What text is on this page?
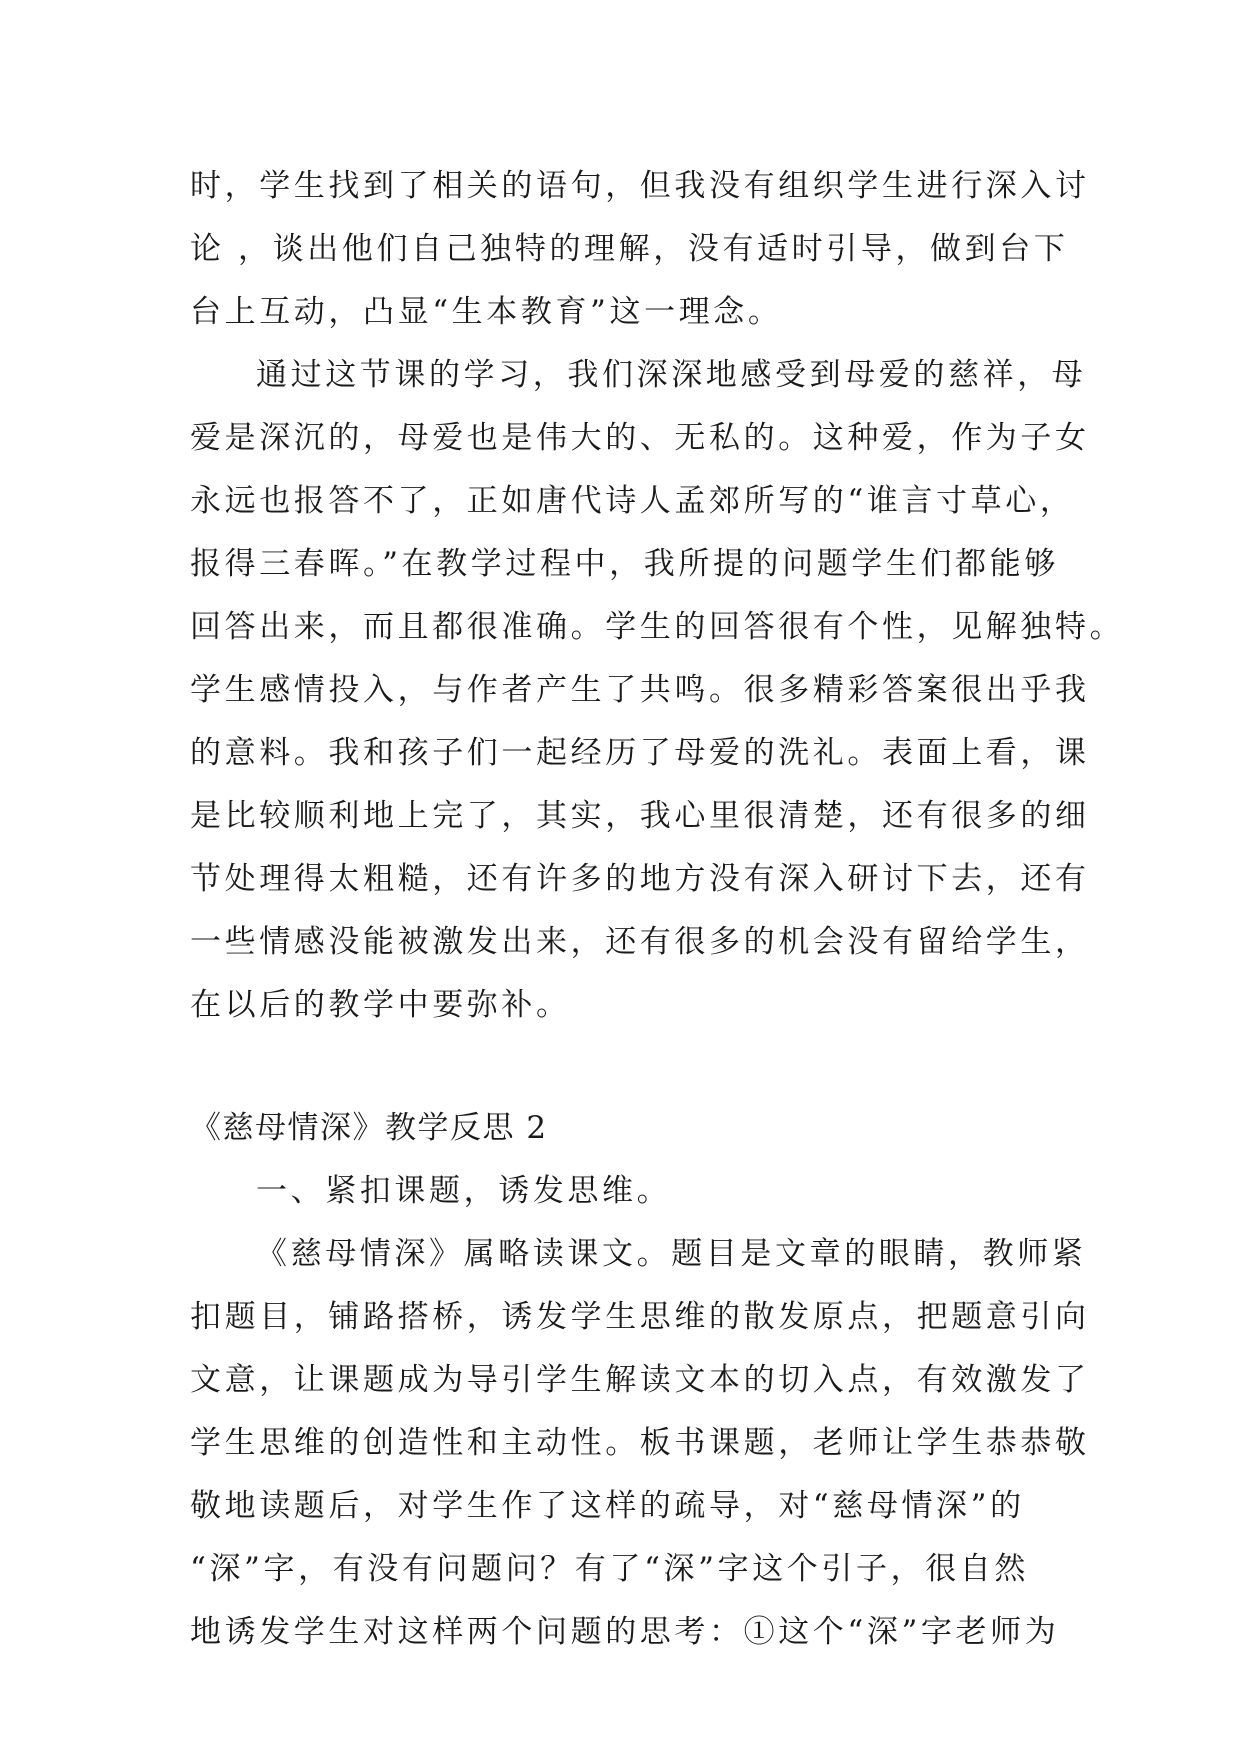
时，学生找到了相关的语句，但我没有组织学生进行深入讨
论 ，谈出他们自己独特的理解，没有适时引导，做到台下
台上互动，凸显“生本教育”这一理念。
通过这节课的学习，我们深深地感受到母爱的慈祥，母
爱是深沉的，母爱也是伟大的、无私的。这种爱，作为子女
永远也报答不了，正如唐代诗人孟郊所写的“谁言寸草心，
报得三春晖。”在教学过程中，我所提的问题学生们都能够
回答出来，而且都很准确。学生的回答很有个性，见解独特。
学生感情投入，与作者产生了共鸣。很多精彩答案很出乎我
的意料。我和孩子们一起经历了母爱的洗礼。表面上看，课
是比较顺利地上完了，其实，我心里很清楚，还有很多的细
节处理得太粗糙，还有许多的地方没有深入研讨下去，还有
一些情感没能被激发出来，还有很多的机会没有留给学生，
在以后的教学中要弥补。
《慈母情深》教学反思 2
一、紧扣课题，诱发思维。
《慈母情深》属略读课文。题目是文章的眼睛，教师紧
扣题目，铺路搭桥，诱发学生思维的散发原点，把题意引向
文意，让课题成为导引学生解读文本的切入点，有效激发了
学生思维的创造性和主动性。板书课题，老师让学生恭恭敬
敬地读题后，对学生作了这样的疏导，对“慈母情深”的
“深”字，有没有问题问？有了“深”字这个引子，很自然
地诱发学生对这样两个问题的思考：①这个“深”字老师为
